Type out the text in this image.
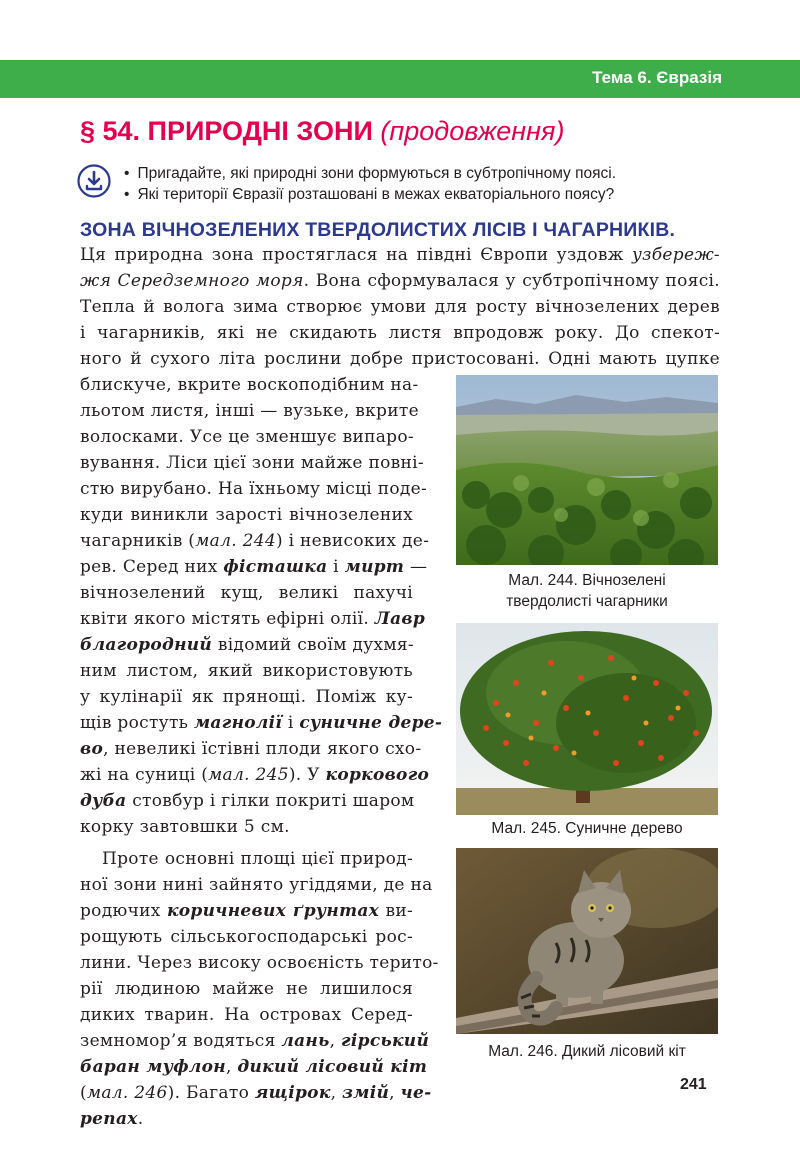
Тема 6. Євразія
§ 54. ПРИРОДНІ ЗОНИ (продовження)
• Пригадайте, які природні зони формуються в субтропічному поясі.
• Які території Євразії розташовані в межах екваторіального поясу?
ЗОНА ВІЧНОЗЕЛЕНИХ ТВЕРДОЛИСТИХ ЛІСІВ І ЧАГАРНИКІВ.
Ця природна зона простяглася на півдні Європи уздовж узбереж-
жя Середземного моря. Вона сформувалася у субтропічному поясі.
Тепла й волога зима створює умови для росту вічнозелених дерев
і чагарників, які не скидають листя впродовж року. До спекот-
ного й сухого літа рослини добре пристосовані. Одні мають цупке
блискуче, вкрите воскоподібним на-
льотом листя, інші — вузьке, вкрите
волосками. Усе це зменшує випаро-
вування. Ліси цієї зони майже повні-
стю вирубано. На їхньому місці поде-
куди виникли зарості вічнозелених
чагарників (мал. 244) і невисоких де-
рев. Серед них фісташка і мирт —
вічнозелений кущ, великі пахучі
квіти якого містять ефірні олії. Лавр
благородний відомий своїм духмя-
ним листом, який використовують
у кулінарії як прянощі. Поміж ку-
щів ростуть магнолії і суничне дере-
во, невеликі їстівні плоди якого схо-
жі на суниці (мал. 245). У коркового
дуба стовбур і гілки покриті шаром
корку завтовшки 5 см.
Проте основні площі цієї природ-
ної зони нині зайнято угіддями, де на
родючих коричневих ґрунтах ви-
рощують сільськогосподарські рос-
лини. Через високу освоєність терито-
рії людиною майже не лишилося
диких тварин. На островах Серед-
земномор’я водяться лань, гірський
баран муфлон, дикий лісовий кіт
(мал. 246). Багато ящірок, змій, че-
репах.
Мал. 244. Вічнозелені
твердолисті чагарники
Мал. 245. Суничне дерево
Мал. 246. Дикий лісовий кіт
241
